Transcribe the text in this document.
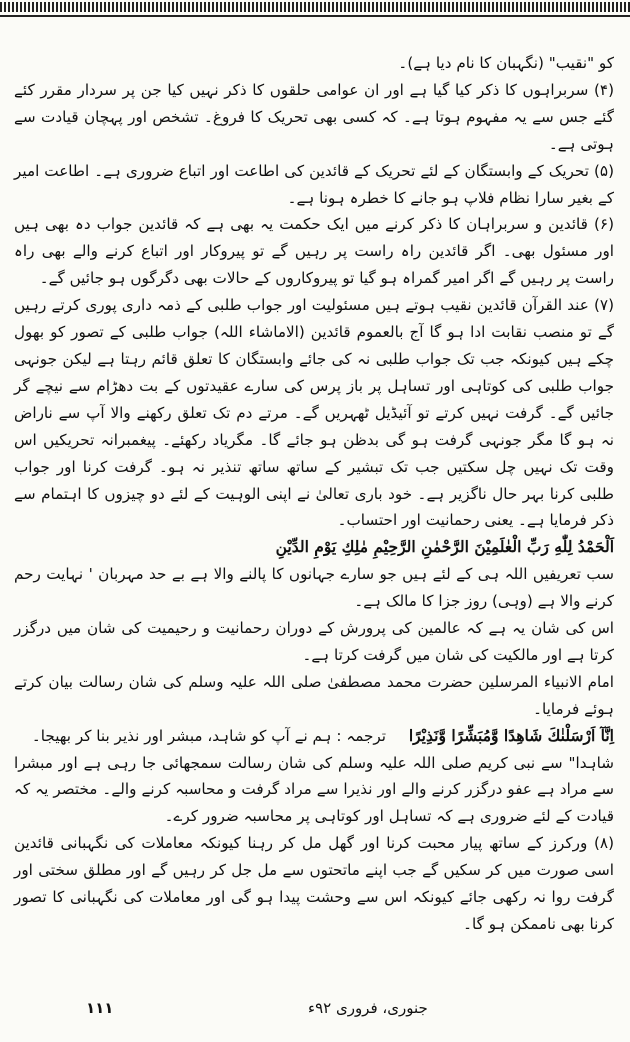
کو "نقیب" (نگہبان کا نام دیا ہے)۔

(۴) سربراہوں کا ذکر کیا گیا ہے اور ان عوامی حلقوں کا ذکر نہیں کیا جن پر سردار مقرر کئے گئے جس سے یہ مفہوم ہوتا ہے۔ کہ کسی بھی تحریک کا فروغ۔ تشخص اور پہچان قیادت سے ہوتی ہے۔

(۵) تحریک کے وابستگان کے لئے تحریک کے قائدین کی اطاعت اور اتباع ضروری ہے۔ اطاعت امیر کے بغیر سارا نظام فلاپ ہو جانے کا خطرہ ہونا ہے۔

(۶) قائدین و سربراہان کا ذکر کرنے میں ایک حکمت یہ بھی ہے کہ قائدین جواب دہ بھی ہیں اور مسئول بھی۔ اگر قائدین راہ راست پر رہیں گے تو پیروکار اور اتباع کرنے والے بھی راہ راست پر رہیں گے اگر امیر گمراہ ہو گیا تو پیروکاروں کے حالات بھی دگرگوں ہو جائیں گے۔

(۷) عند القرآن قائدین نقیب ہوتے ہیں مسئولیت اور جواب طلبی کے ذمہ داری پوری کرتے رہیں گے تو منصب نقابت ادا ہو گا آج بالعموم قائدین (الاماشاء اللہ) جواب طلبی کے تصور کو بھول چکے ہیں کیونکہ جب تک جواب طلبی نہ کی جائے وابستگان کا تعلق قائم رہتا ہے لیکن جونہی جواب طلبی کی کوتاہی اور تساہل پر باز پرس کی سارے عقیدتوں کے بت دھڑام سے نیچے گر جائیں گے۔ گرفت نہیں کرتے تو آئیڈیل ٹھہریں گے۔ مرتے دم تک تعلق رکھنے والا آپ سے ناراض نہ ہو گا مگر جونہی گرفت ہو گی بدظن ہو جائے گا۔ مگریاد رکھئے۔ پیغمبرانہ تحریکیں اس وقت تک نہیں چل سکتیں جب تک تبشیر کے ساتھ ساتھ تنذیر نہ ہو۔ گرفت کرنا اور جواب طلبی کرنا بہر حال ناگزیر ہے۔ خود باری تعالیٰ نے اپنی الوہیت کے لئے دو چیزوں کا اہتمام سے ذکر فرمایا ہے۔ یعنی رحمانیت اور احتساب۔

اَلْحَمْدُ لِلّٰهِ رَبِّ الْعٰلَمِيْنَ الرَّحْمٰنِ الرَّحِيْمِ مٰلِكِ يَوْمِ الدِّيْنِ

سب تعریفیں اللہ ہی کے لئے ہیں جو سارے جہانوں کا پالنے والا ہے بے حد مہربان ' نہایت رحم کرنے والا ہے (وہی) روز جزا کا مالک ہے۔

اس کی شان یہ ہے کہ عالمین کی پرورش کے دوران رحمانیت و رحیمیت کی شان میں درگزر کرتا ہے اور مالکیت کی شان میں گرفت کرتا ہے۔

امام الانبیاء المرسلین حضرت محمد مصطفیٰ صلی اللہ علیہ وسلم کی شان رسالت بیان کرتے ہوئے فرمایا۔

اِنَّآ اَرْسَلْنٰكَ شَاهِدًا وَّمُبَشِّرًا وَّنَذِيْرًا ترجمہ : ہم نے آپ کو شاہد، مبشر اور نذیر بنا کر بھیجا۔

شاہدا" سے نبی کریم صلی اللہ علیہ وسلم کی شان رسالت سمجھائی جا رہی ہے اور مبشرا سے مراد ہے عفو درگزر کرنے والے اور نذیرا سے مراد گرفت و محاسبہ کرنے والے۔ مختصر یہ کہ قیادت کے لئے ضروری ہے کہ تساہل اور کوتاہی پر محاسبہ ضرور کرے۔

(۸) ورکرز کے ساتھ پیار محبت کرنا اور گھل مل کر رہنا کیونکہ معاملات کی نگہبانی قائدین اسی صورت میں کر سکیں گے جب اپنے ماتحتوں سے مل جل کر رہیں گے اور مطلق سختی اور گرفت روا نہ رکھی جائے کیونکہ اس سے وحشت پیدا ہو گی اور معاملات کی نگہبانی کا تصور کرنا بھی ناممکن ہو گا۔

۱۱۱	جنوری، فروری ۹۲ء
